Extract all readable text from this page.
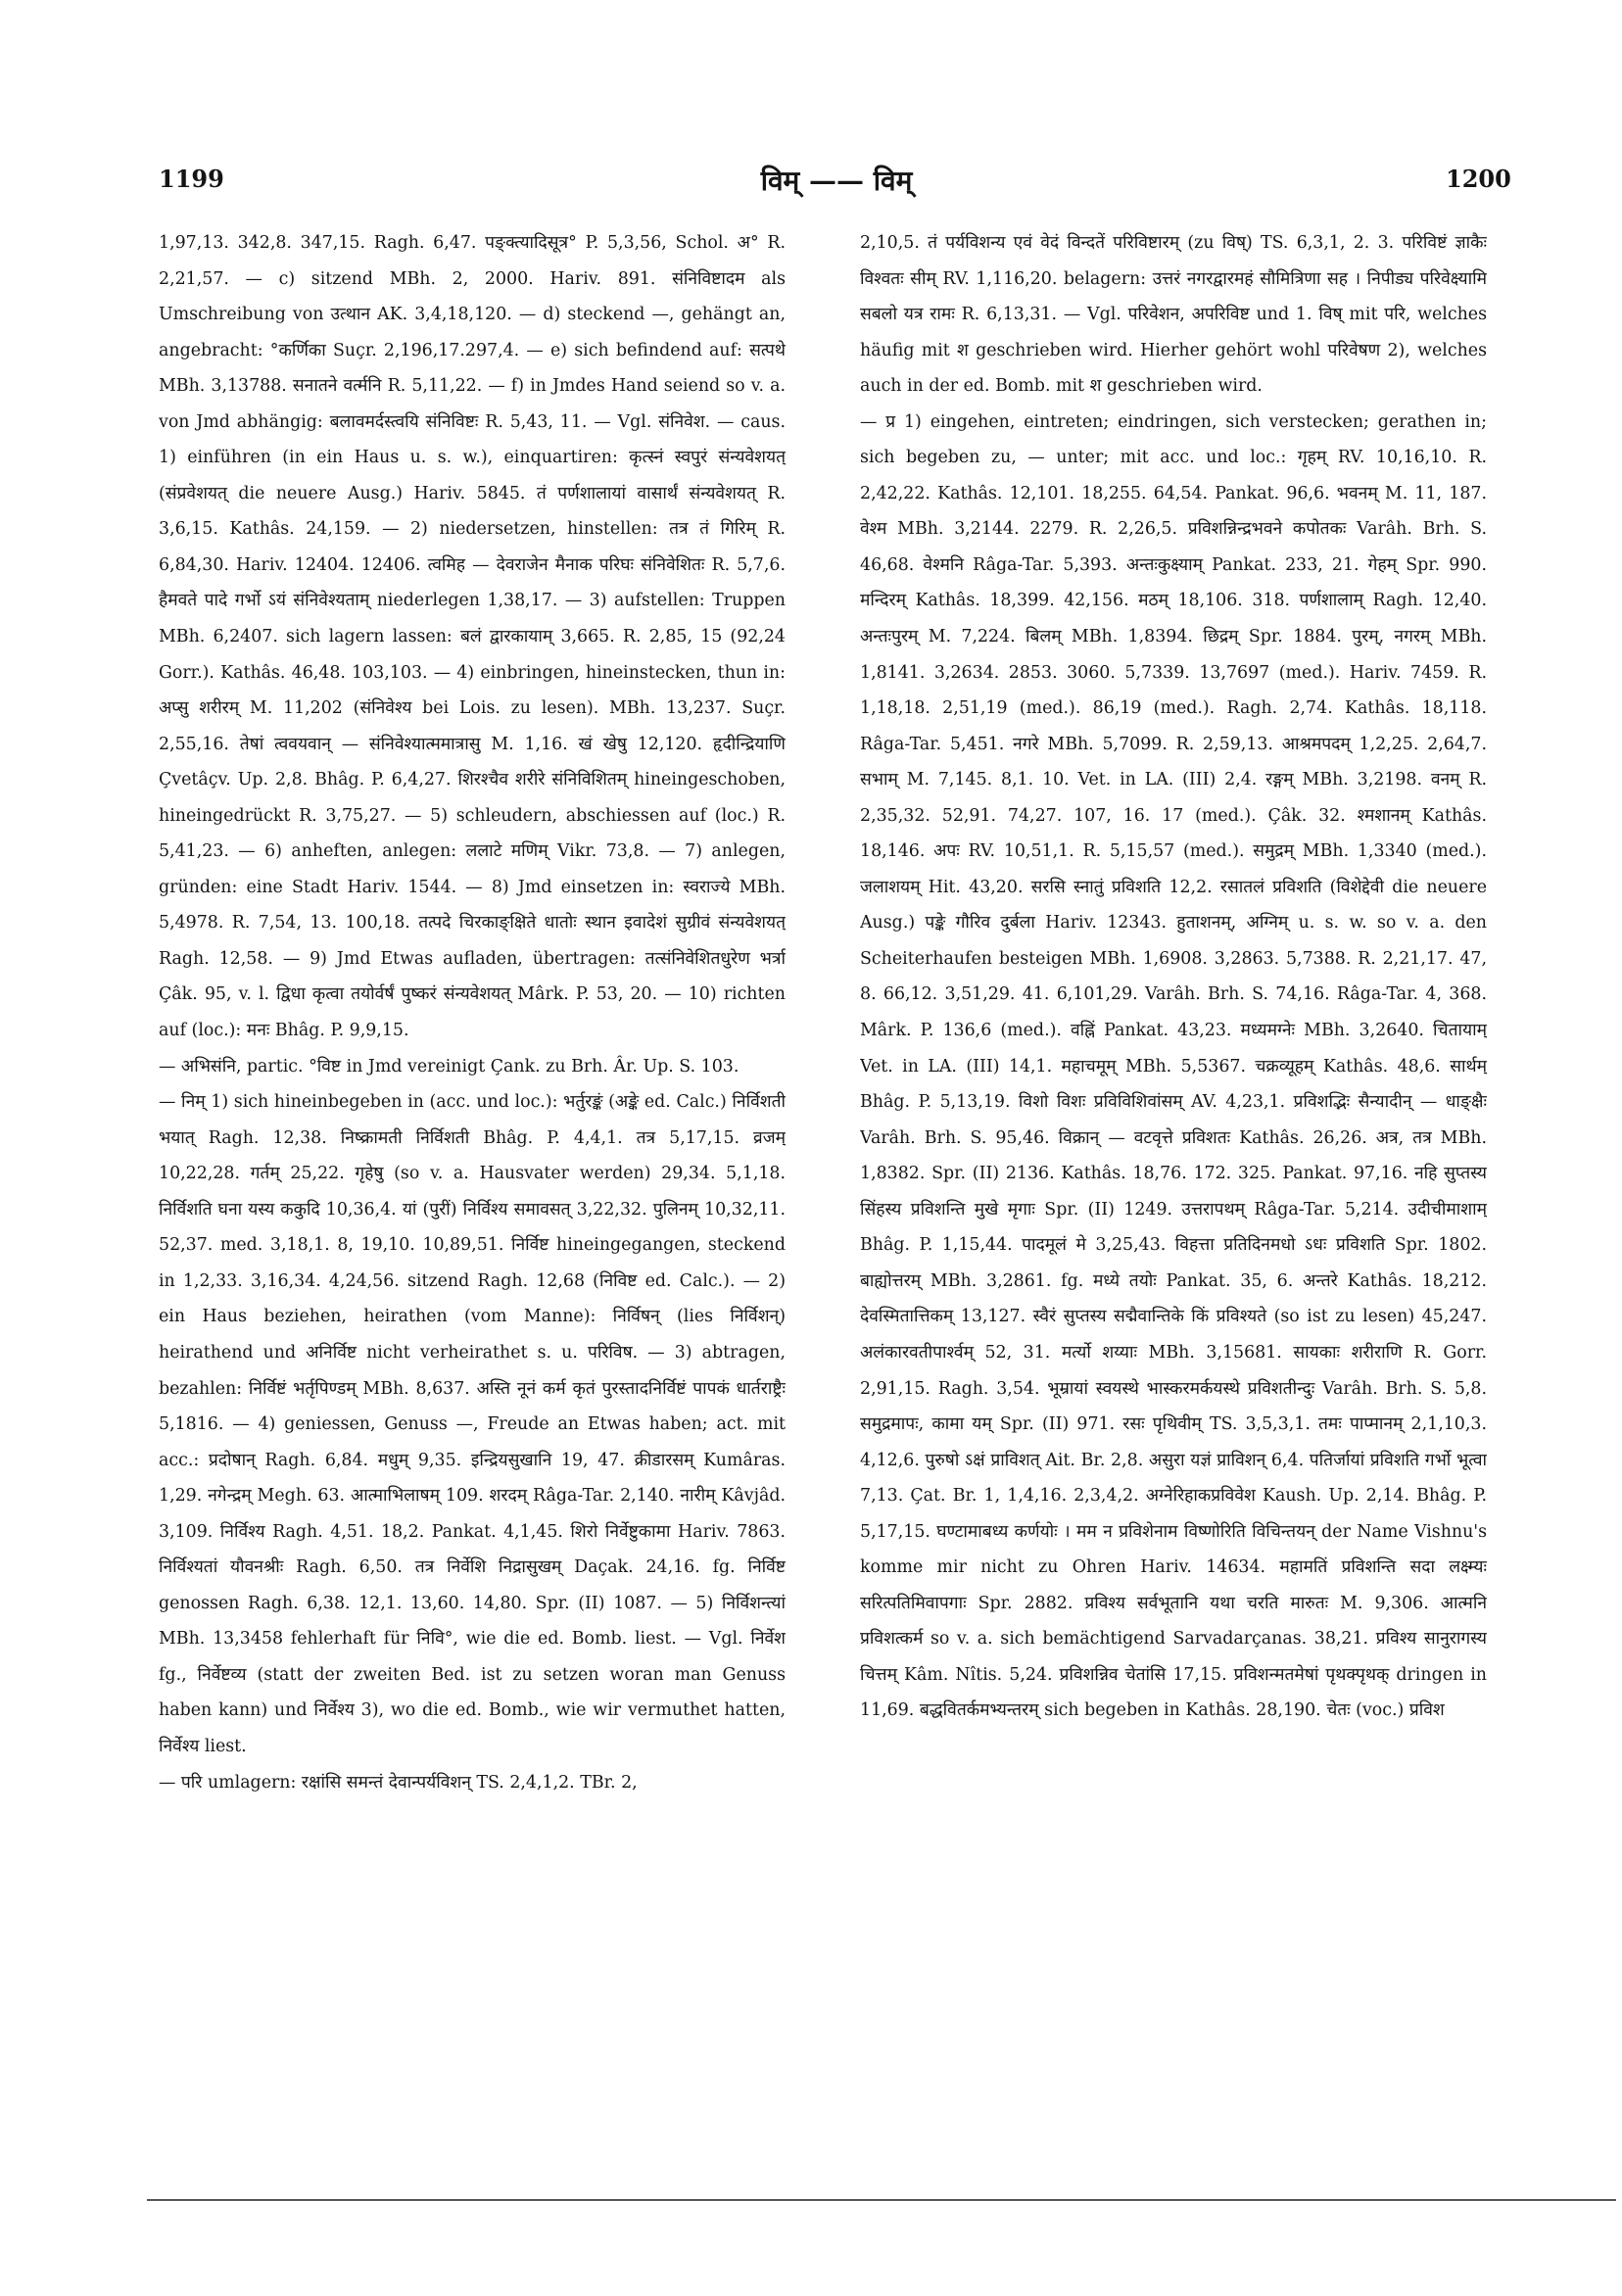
1199	विम् —— विम्	1200

1,97,13. 342,8. 347,15. Ragh. 6,47. पङ्क्त्यादिसूत्र° P. 5,3,56, Schol. अ° R. 2,21,57. — c) sitzend MBh. 2, 2000. Hariv. 891. संनिविष्टादम als Umschreibung von उत्थान AK. 3,4,18,120. — d) steckend —, gehängt an, angebracht: °कर्णिका Suçr. 2,196,17.297,4. — e) sich befindend auf: सत्पथे MBh. 3,13788. सनातने वर्त्मनि R. 5,11,22. — f) in Jmdes Hand seiend so v. a. von Jmd abhängig: बलावमर्दस्त्वयि संनिविष्टः R. 5,43, 11. — Vgl. संनिवेश. — caus. 1) einführen (in ein Haus u. s. w.), einquartiren: कृत्स्नं स्वपुरं संन्यवेशयत् (संप्रवेशयत् die neuere Ausg.) Hariv. 5845. तं पर्णशालायां वासार्थं संन्यवेशयत् R. 3,6,15. Kathâs. 24,159. — 2) niedersetzen, hinstellen: तत्र तं गिरिम् R. 6,84,30. Hariv. 12404. 12406. त्वमिह — देवराजेन मैनाक परिघः संनिवेशितः R. 5,7,6. हैमवते पादे गर्भो ऽयं संनिवेश्यताम् niederlegen 1,38,17. — 3) aufstellen: Truppen MBh. 6,2407. sich lagern lassen: बलं द्वारकायाम् 3,665. R. 2,85, 15 (92,24 Gorr.). Kathâs. 46,48. 103,103. — 4) einbringen, hineinstecken, thun in: अप्सु शरीरम् M. 11,202 (संनिवेश्य bei Lois. zu lesen). MBh. 13,237. Suçr. 2,55,16. तेषां त्ववयवान् — संनिवेश्यात्ममात्रासु M. 1,16. खं खेषु 12,120. हृदीन्द्रियाणि Çvetâçv. Up. 2,8. Bhâg. P. 6,4,27. शिरश्चैव शरीरे संनिविशितम् hineingeschoben, hineingedrückt R. 3,75,27. — 5) schleudern, abschiessen auf (loc.) R. 5,41,23. — 6) anheften, anlegen: ललाटे मणिम् Vikr. 73,8. — 7) anlegen, gründen: eine Stadt Hariv. 1544. — 8) Jmd einsetzen in: स्वराज्ये MBh. 5,4978. R. 7,54, 13. 100,18. तत्पदे चिरकाङ्क्षिते धातोः स्थान इवादेशं सुग्रीवं संन्यवेशयत् Ragh. 12,58. — 9) Jmd Etwas aufladen, übertragen: तत्संनिवेशितधुरेण भर्त्रा Çâk. 95, v. l. द्विधा कृत्वा तयोर्वर्षं पुष्करं संन्यवेशयत् Mârk. P. 53, 20. — 10) richten auf (loc.): मनः Bhâg. P. 9,9,15.

— अभिसंनि, partic. °विष्ट in Jmd vereinigt Çank. zu Brh. Âr. Up. S. 103.

— निम् 1) sich hineinbegeben in (acc. und loc.): भर्तुरङ्कं (अङ्के ed. Calc.) निर्विशती भयात् Ragh. 12,38. निष्क्रामती निर्विशती Bhâg. P. 4,4,1. तत्र 5,17,15. व्रजम् 10,22,28. गर्तम् 25,22. गृहेषु (so v. a. Hausvater werden) 29,34. 5,1,18. निर्विशति घना यस्य ककुदि 10,36,4. यां (पुरीं) निर्विश्य समावसत् 3,22,32. पुलिनम् 10,32,11. 52,37. med. 3,18,1. 8, 19,10. 10,89,51. निर्विष्ट hineingegangen, steckend in 1,2,33. 3,16,34. 4,24,56. sitzend Ragh. 12,68 (निविष्ट ed. Calc.). — 2) ein Haus beziehen, heirathen (vom Manne): निर्विषन् (lies निर्विशन्) heirathend und अनिर्विष्ट nicht verheirathet s. u. परिविष. — 3) abtragen, bezahlen: निर्विष्टं भर्तृपिण्डम् MBh. 8,637. अस्ति नूनं कर्म कृतं पुरस्तादनिर्विष्टं पापकं धार्तराष्ट्रैः 5,1816. — 4) geniessen, Genuss —, Freude an Etwas haben; act. mit acc.: प्रदोषान् Ragh. 6,84. मधुम् 9,35. इन्द्रियसुखानि 19, 47. क्रीडारसम् Kumâras. 1,29. नगेन्द्रम् Megh. 63. आत्माभिलाषम् 109. शरदम् Râga-Tar. 2,140. नारीम् Kâvjâd. 3,109. निर्विश्य Ragh. 4,51. 18,2. Pankat. 4,1,45. शिरो निर्वेष्टुकामा Hariv. 7863. निर्विश्यतां यौवनश्रीः Ragh. 6,50. तत्र निर्वेशि निद्रासुखम् Daçak. 24,16. fg. निर्विष्ट genossen Ragh. 6,38. 12,1. 13,60. 14,80. Spr. (II) 1087. — 5) निर्विशन्त्यां MBh. 13,3458 fehlerhaft für निवि°, wie die ed. Bomb. liest. — Vgl. निर्वेश fg., निर्वेष्टव्य (statt der zweiten Bed. ist zu setzen woran man Genuss haben kann) und निर्वेश्य 3), wo die ed. Bomb., wie wir vermuthet hatten, निर्वेश्य liest.

— परि umlagern: रक्षांसि समन्तं देवान्पर्यविशन् TS. 2,4,1,2. TBr. 2,

2,10,5. तं पर्यविशन्य एवं वेदं विन्दतें परिविष्टारम् (zu विष्) TS. 6,3,1, 2. 3. परिविष्टं ज्ञाकैः विश्वतः सीम् RV. 1,116,20. belagern: उत्तरं नगरद्वारमहं सौमित्रिणा सह । निपीड्य परिवेक्ष्यामि सबलो यत्र रामः R. 6,13,31. — Vgl. परिवेशन, अपरिविष्ट und 1. विष् mit परि, welches häufig mit श geschrieben wird. Hierher gehört wohl परिवेषण 2), welches auch in der ed. Bomb. mit श geschrieben wird.

— प्र 1) eingehen, eintreten; eindringen, sich verstecken; gerathen in; sich begeben zu, — unter; mit acc. und loc.: गृहम् RV. 10,16,10. R. 2,42,22. Kathâs. 12,101. 18,255. 64,54. Pankat. 96,6. भवनम् M. 11, 187. वेश्म MBh. 3,2144. 2279. R. 2,26,5. प्रविशन्निन्द्रभवने कपोतकः Varâh. Brh. S. 46,68. वेश्मनि Râga-Tar. 5,393. अन्तःकुक्ष्याम् Pankat. 233, 21. गेहम् Spr. 990. मन्दिरम् Kathâs. 18,399. 42,156. मठम् 18,106. 318. पर्णशालाम् Ragh. 12,40. अन्तःपुरम् M. 7,224. बिलम् MBh. 1,8394. छिद्रम् Spr. 1884. पुरम्, नगरम् MBh. 1,8141. 3,2634. 2853. 3060. 5,7339. 13,7697 (med.). Hariv. 7459. R. 1,18,18. 2,51,19 (med.). 86,19 (med.). Ragh. 2,74. Kathâs. 18,118. Râga-Tar. 5,451. नगरे MBh. 5,7099. R. 2,59,13. आश्रमपदम् 1,2,25. 2,64,7. सभाम् M. 7,145. 8,1. 10. Vet. in LA. (III) 2,4. रङ्गम् MBh. 3,2198. वनम् R. 2,35,32. 52,91. 74,27. 107, 16. 17 (med.). Çâk. 32. श्मशानम् Kathâs. 18,146. अपः RV. 10,51,1. R. 5,15,57 (med.). समुद्रम् MBh. 1,3340 (med.). जलाशयम् Hit. 43,20. सरसि स्नातुं प्रविशति 12,2. रसातलं प्रविशति (विशेद्देवी die neuere Ausg.) पङ्के गौरिव दुर्बला Hariv. 12343. हुताशनम्, अग्निम् u. s. w. so v. a. den Scheiterhaufen besteigen MBh. 1,6908. 3,2863. 5,7388. R. 2,21,17. 47, 8. 66,12. 3,51,29. 41. 6,101,29. Varâh. Brh. S. 74,16. Râga-Tar. 4, 368. Mârk. P. 136,6 (med.). वह्निं Pankat. 43,23. मध्यमग्नेः MBh. 3,2640. चितायाम् Vet. in LA. (III) 14,1. महाचमूम् MBh. 5,5367. चक्रव्यूहम् Kathâs. 48,6. सार्थम् Bhâg. P. 5,13,19. विशो विशः प्रविविशिवांसम् AV. 4,23,1. प्रविशद्भिः सैन्यादीन् — धाङ्क्षैः Varâh. Brh. S. 95,46. विक्रान् — वटवृत्ते प्रविशतः Kathâs. 26,26. अत्र, तत्र MBh. 1,8382. Spr. (II) 2136. Kathâs. 18,76. 172. 325. Pankat. 97,16. नहि सुप्तस्य सिंहस्य प्रविशन्ति मुखे मृगाः Spr. (II) 1249. उत्तरापथम् Râga-Tar. 5,214. उदीचीमाशाम् Bhâg. P. 1,15,44. पादमूलं मे 3,25,43. विहत्ता प्रतिदिनमधो ऽधः प्रविशति Spr. 1802. बाह्योत्तरम् MBh. 3,2861. fg. मध्ये तयोः Pankat. 35, 6. अन्तरे Kathâs. 18,212. देवस्मितात्तिकम् 13,127. स्वैरं सुप्तस्य सद्मैवान्तिके किं प्रविश्यते (so ist zu lesen) 45,247. अलंकारवतीपार्श्वम् 52, 31. मर्त्यो शय्याः MBh. 3,15681. सायकाः शरीराणि R. Gorr. 2,91,15. Ragh. 3,54. भूम्रायां स्वयस्थे भास्करमर्कयस्थे प्रविशतीन्दुः Varâh. Brh. S. 5,8. समुद्रमापः, कामा यम् Spr. (II) 971. रसः पृथिवीम् TS. 3,5,3,1. तमः पाप्मानम् 2,1,10,3. 4,12,6. पुरुषो ऽक्षं प्राविशत् Ait. Br. 2,8. असुरा यज्ञं प्राविशन् 6,4. पतिर्जायां प्रविशति गर्भो भूत्वा 7,13. Çat. Br. 1, 1,4,16. 2,3,4,2. अग्नेरिहाकप्रविवेश Kaush. Up. 2,14. Bhâg. P. 5,17,15. घण्टामाबध्य कर्णयोः । मम न प्रविशेनाम विष्णोरिति विचिन्तयन् der Name Vishnu's komme mir nicht zu Ohren Hariv. 14634. महामतिं प्रविशन्ति सदा लक्ष्म्यः सरित्पतिमिवापगाः Spr. 2882. प्रविश्य सर्वभूतानि यथा चरति मारुतः M. 9,306. आत्मनि प्रविशत्कर्म so v. a. sich bemächtigend Sarvadarçanas. 38,21. प्रविश्य सानुरागस्य चित्तम् Kâm. Nîtis. 5,24. प्रविशन्निव चेतांसि 17,15. प्रविशन्मतमेषां पृथक्पृथक् dringen in 11,69. बद्धवितर्कमभ्यन्तरम् sich begeben in Kathâs. 28,190. चेतः (voc.) प्रविश
